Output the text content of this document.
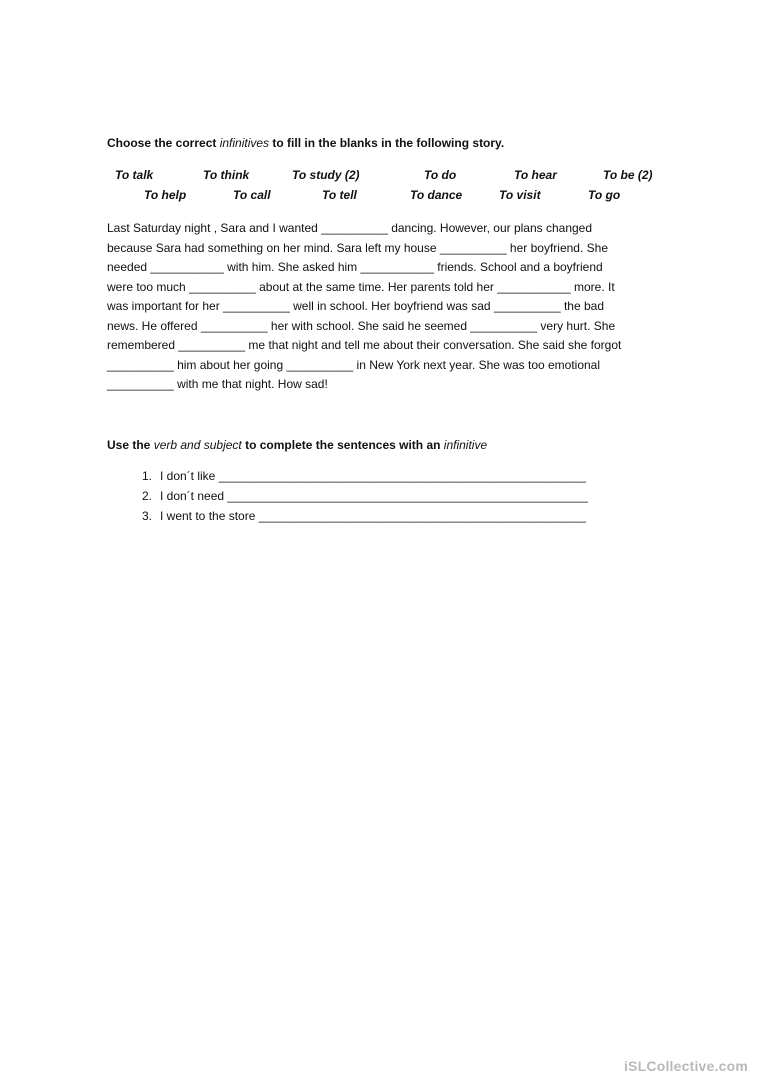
Choose the correct infinitives to fill in the blanks in the following story.
To talk	To think	To study (2)	To do	To hear	To be (2)
To help	To call	To tell	To dance	To visit	To go
Last Saturday night , Sara and I wanted __________ dancing. However, our plans changed
because Sara had something on her mind. Sara left my house __________ her boyfriend. She
needed ___________ with him. She asked him ___________ friends. School and a boyfriend
were too much __________ about at the same time. Her parents told her ___________ more. It
was important for her __________ well in school. Her boyfriend was sad __________ the bad
news. He offered __________ her with school. She said he seemed __________ very hurt. She
remembered __________ me that night and tell me about their conversation. She said she forgot
__________ him about her going __________ in New York next year. She was too emotional
__________ with me that night. How sad!
Use the verb and subject to complete the sentences with an infinitive
1. I don´t like _______________________________________________________
2. I don´t need ______________________________________________________
3. I went to the store _________________________________________________
iSLCollective.com
